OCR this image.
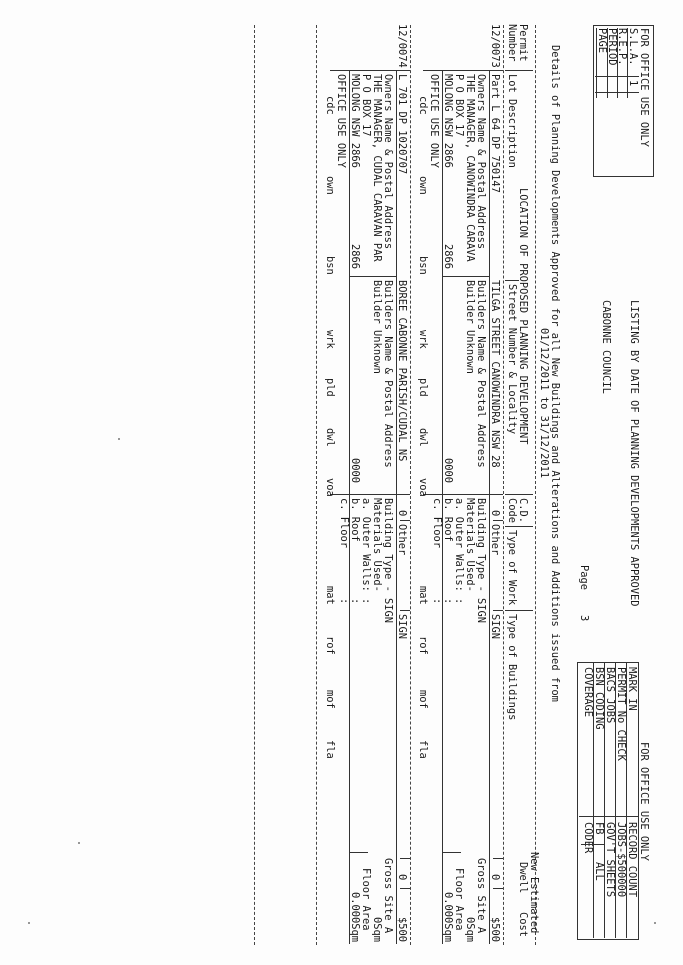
FOR OFFICE USE ONLY
S.L.A.
R.E.P.
PERIOD
PAGE
1
LISTING BY DATE OF PLANNING DEVELOPMENTS APPROVED
CABONNE COUNCIL
Page
3
FOR OFFICE USE ONLY
MARK IN
PERMIT No CHECK
BACS JOBS
BSN CODING
COVERAGE
RECORD COUNT
JOBS-$500000
GOV'T SHEETS
FB
ALL
CODER
Details of Planning Developments Approved for all New Buildings and Alterations and Additions issued from
01/12/2011 to 31/12/2011
Permit
Number
Lot Description
LOCATION OF PROPOSED PLANNING DEVELOPMENT
Street Number & Locality
C.D.
Code
Type of Work
Type of Buildings
New Estimated
Dwell
Cost
12/0073
Part L 64 DP 750147
TILGA STREET CANOWINDRA NSW 28
0
Other
SIGN
0
$500
Owners Name & Postal Address
THE MANAGER, CANOWINDRA CARAVA
P O BOX 17
MOLONG NSW 2866
2866
Builders Name & Postal Address
Builder Unknown
0000
Building Type -
SIGN
Materials Used-
a. Outer Walls:
b. Roof
c. Floor
:
:
:
Gross Site A
0Sqm
Floor Area
0.000Sqm
OFFICE USE ONLY
cdc
own
bsn
wrk
pld
dwl
voa
mat
rof
mof
fla
12/0074
L 701 DP 1020707
BOREE CABONNE PARISH/CUDAL NS
0
Other
SIGN
0
$500
Owners Name & Postal Address
THE MANAGER, CUDAL CARAVAN PAR
P O BOX 17
MOLONG NSW 2866
2866
Builders Name & Postal Address
Builder Unknown
0000
Building Type -
SIGN
Materials Used-
a. Outer Walls:
b. Roof
c. Floor
:
:
:
Gross Site A
0Sqm
Floor Area
0.000Sqm
OFFICE USE ONLY
cdc
own
bsn
wrk
pld
dwl
voa
mat
rof
mof
fla
